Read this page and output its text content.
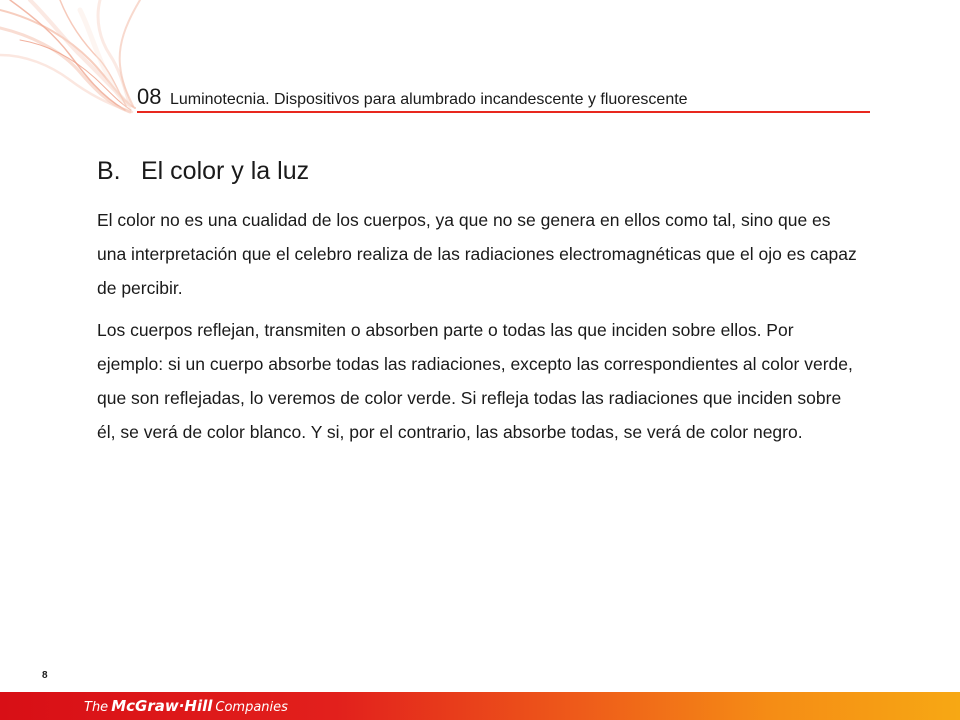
08 Luminotecnia. Dispositivos para alumbrado incandescente y fluorescente
B. El color y la luz

El color no es una cualidad de los cuerpos, ya que no se genera en ellos como tal, sino que es una interpretación que el celebro realiza de las radiaciones electromagnéticas que el ojo es capaz de percibir.

Los cuerpos reflejan, transmiten o absorben parte o todas las que inciden sobre ellos. Por ejemplo: si un cuerpo absorbe todas las radiaciones, excepto las correspondientes al color verde, que son reflejadas, lo veremos de color verde. Si refleja todas las radiaciones que inciden sobre él, se verá de color blanco. Y si, por el contrario, las absorbe todas, se verá de color negro.

8
The McGraw·Hill Companies
